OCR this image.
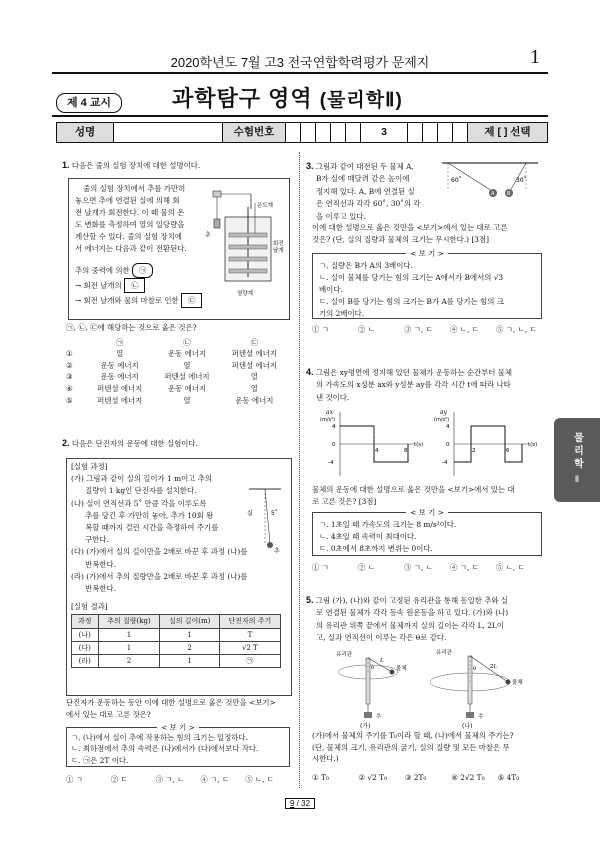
2020학년도 7월 고3 전국연합학력평가 문제지	1
제 4 교시	과학탐구 영역 (물리학Ⅱ)
성명	수험번호	3	제 [ ] 선택
1. 다음은 줄의 실험 장치에 대한 설명이다.
줄의 실험 장치에서 추를 가만히
놓으면 추에 연결된 실에 의해 회
전 날개가 회전한다. 이 때 물의 온
도 변화를 측정하여 열의 일당량을
계산할 수 있다. 줄의 실험 장치에
서 에너지는 다음과 같이 전환된다.
추의 중력에 의한 ㉠
→ 회전 날개의 ㉡
→ 회전 날개와 물의 마찰로 인한 ㉢
온도계
추
회전
날개
열량계
㉠, ㉡, ㉢에 해당하는 것으로 옳은 것은?
㉠	㉡	㉢
①	열	운동 에너지	퍼텐셜 에너지
②	운동 에너지	열	퍼텐셜 에너지
③	운동 에너지	퍼텐셜 에너지	열
④	퍼텐셜 에너지	운동 에너지	열
⑤	퍼텐셜 에너지	열	운동 에너지
2. 다음은 단진자의 운동에 대한 실험이다.
[실험 과정]
(가) 그림과 같이 실의 길이가 1 m이고 추의
질량이 1 kg인 단진자를 설치한다.
(나) 실이 연직선과 5˚ 만큼 각을 이루도록
추를 당긴 후 가만히 놓아, 추가 10회 왕
복할 때까지 걸린 시간을 측정하여 주기를
구한다.
(다) (가)에서 실의 길이만을 2배로 바꾼 후 과정 (나)를
반복한다.
(라) (가)에서 추의 질량만을 2배로 바꾼 후 과정 (나)를
반복한다.
[실험 결과]
과정	추의 질량(kg)	실의 길이(m)	단진자의 주기
(나)	1	1	T
(다)	1	2	√2 T
(라)	2	1	㉠
실	5˚
추
단진자가 운동하는 동안 이에 대한 설명으로 옳은 것만을 <보기>
에서 있는 대로 고른 것은?
< 보 기 >
ㄱ. (나)에서 실이 추에 작용하는 힘의 크기는 일정하다.
ㄴ. 최하점에서 추의 속력은 (나)에서가 (다)에서보다 작다.
ㄷ. ㉠은 2T 이다.
① ㄱ	② ㄷ	③ ㄱ, ㄴ	④ ㄱ, ㄷ	⑤ ㄴ, ㄷ
3. 그림과 같이 대전된 두 물체 A,
B가 실에 매달려 같은 높이에
정지해 있다. A, B에 연결된 실
은 연직선과 각각 60˚, 30˚의 각
을 이루고 있다.
A	B
60˚	30˚
이에 대한 설명으로 옳은 것만을 <보기>에서 있는 대로 고른
것은? (단, 실의 질량과 물체의 크기는 무시한다.) [3점]
< 보 기 >
ㄱ. 질량은 B가 A의 3배이다.
ㄴ. 실이 물체를 당기는 힘의 크기는 A에서가 B에서의 √3
배이다.
ㄷ. 실이 B를 당기는 힘의 크기는 B가 A를 당기는 힘의 크
기의 2배이다.
① ㄱ	② ㄴ	③ ㄱ, ㄷ	④ ㄴ, ㄷ	⑤ ㄱ, ㄴ, ㄷ
4. 그림은 xy평면에 정지해 있던 물체가 운동하는 순간부터 물체
의 가속도의 x성분 ax와 y성분 ay를 각각 시간 t에 따라 나타
낸 것이다.
ax
(m/s²)
4
0
-4
4	8
t(s)
ay
(m/s²)
4
0
-4
2	6
t(s)
물체의 운동에 대한 설명으로 옳은 것만을 <보기>에서 있는 대
로 고른 것은? [3점]
< 보 기 >
ㄱ. 1초일 때 가속도의 크기는 8 m/s²이다.
ㄴ. 4초일 때 속력이 최대이다.
ㄷ. 0초에서 8초까지 변위는 0이다.
① ㄱ	② ㄴ	③ ㄱ, ㄴ	④ ㄱ, ㄷ	⑤ ㄴ, ㄷ
5. 그림 (가), (나)와 같이 고정된 유리관을 통해 동일한 추와 실
로 연결된 물체가 각각 등속 원운동을 하고 있다. (가)와 (나)
의 유리관 위쪽 끝에서 물체까지 실의 길이는 각각 L, 2L이
고, 실과 연직선이 이루는 각은 θ로 같다.
유리관
물체
L
θ
추
(가)
유리관
2L
θ
물체
추
(나)
(가)에서 물체의 주기를 T₀이라 할 때, (나)에서 물체의 주기는?
(단, 물체의 크기, 유리관의 굵기, 실의 질량 및 모든 마찰은 무
시한다.)
① T₀	② √2 T₀	③ 2T₀	④ 2√2 T₀	⑤ 4T₀
물리학
Ⅱ
9 / 32
